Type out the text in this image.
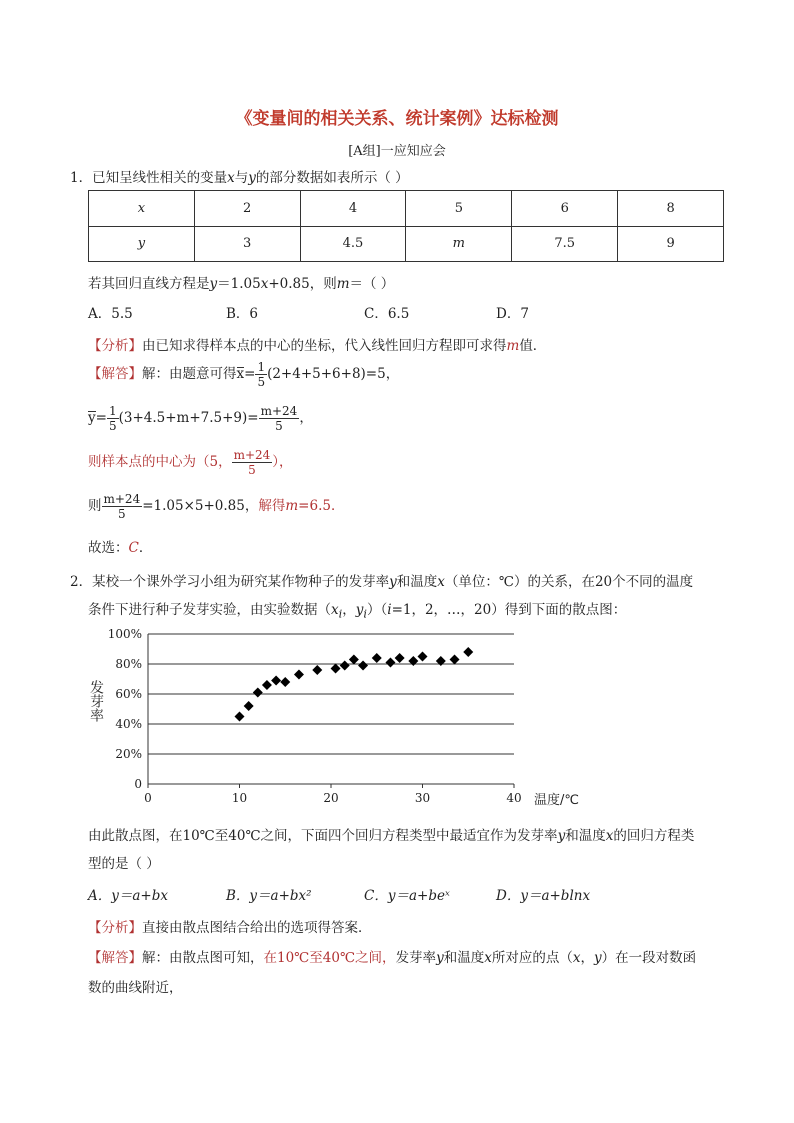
《变量间的相关关系、统计案例》达标检测
[A组]一应知应会
1．已知呈线性相关的变量x与y的部分数据如表所示（ ）
x	2	4	5	6	8
y	3	4.5	m	7.5	9
若其回归直线方程是y＝1.05x+0.85，则m＝（ ）
A．5.5	B．6	C．6.5	D．7
【分析】由已知求得样本点的中心的坐标，代入线性回归方程即可求得m值．
【解答】解：由题意可得$x= \frac{1}{5} (2+4+5+6+8)=5$，
$y= \frac{1}{5} (3+4.5+m+7.5+9)= \frac{m+24}{5}$ ，
则样本点的中心为（5， $\frac{m+24}{5}$ ），
则 $\frac{m+24}{5} =1.05\times 5+0.85$，解得m=6.5．
故选：C．
2．某校一个课外学习小组为研究某作物种子的发芽率y和温度x（单位：℃）的关系，在20个不同的温度
条件下进行种子发芽实验，由实验数据（$x_i$，$y_i)(i=1$，2，…，20）得到下面的散点图：
发芽率
0
20%
40%
60%
80%
100%
0	10	20	30	40 温度/℃
由此散点图，在10℃至40℃之间，下面四个回归方程类型中最适宜作为发芽率y和温度x的回归方程类
型的是（ ）
A．y＝a+bx	B．y＝a+bx²	C．y＝a+beˣ	D．y＝a+blnx
【分析】直接由散点图结合给出的选项得答案．
【解答】解：由散点图可知，在10℃至40℃之间，发芽率y和温度x所对应的点（x，y）在一段对数函
数的曲线附近，
